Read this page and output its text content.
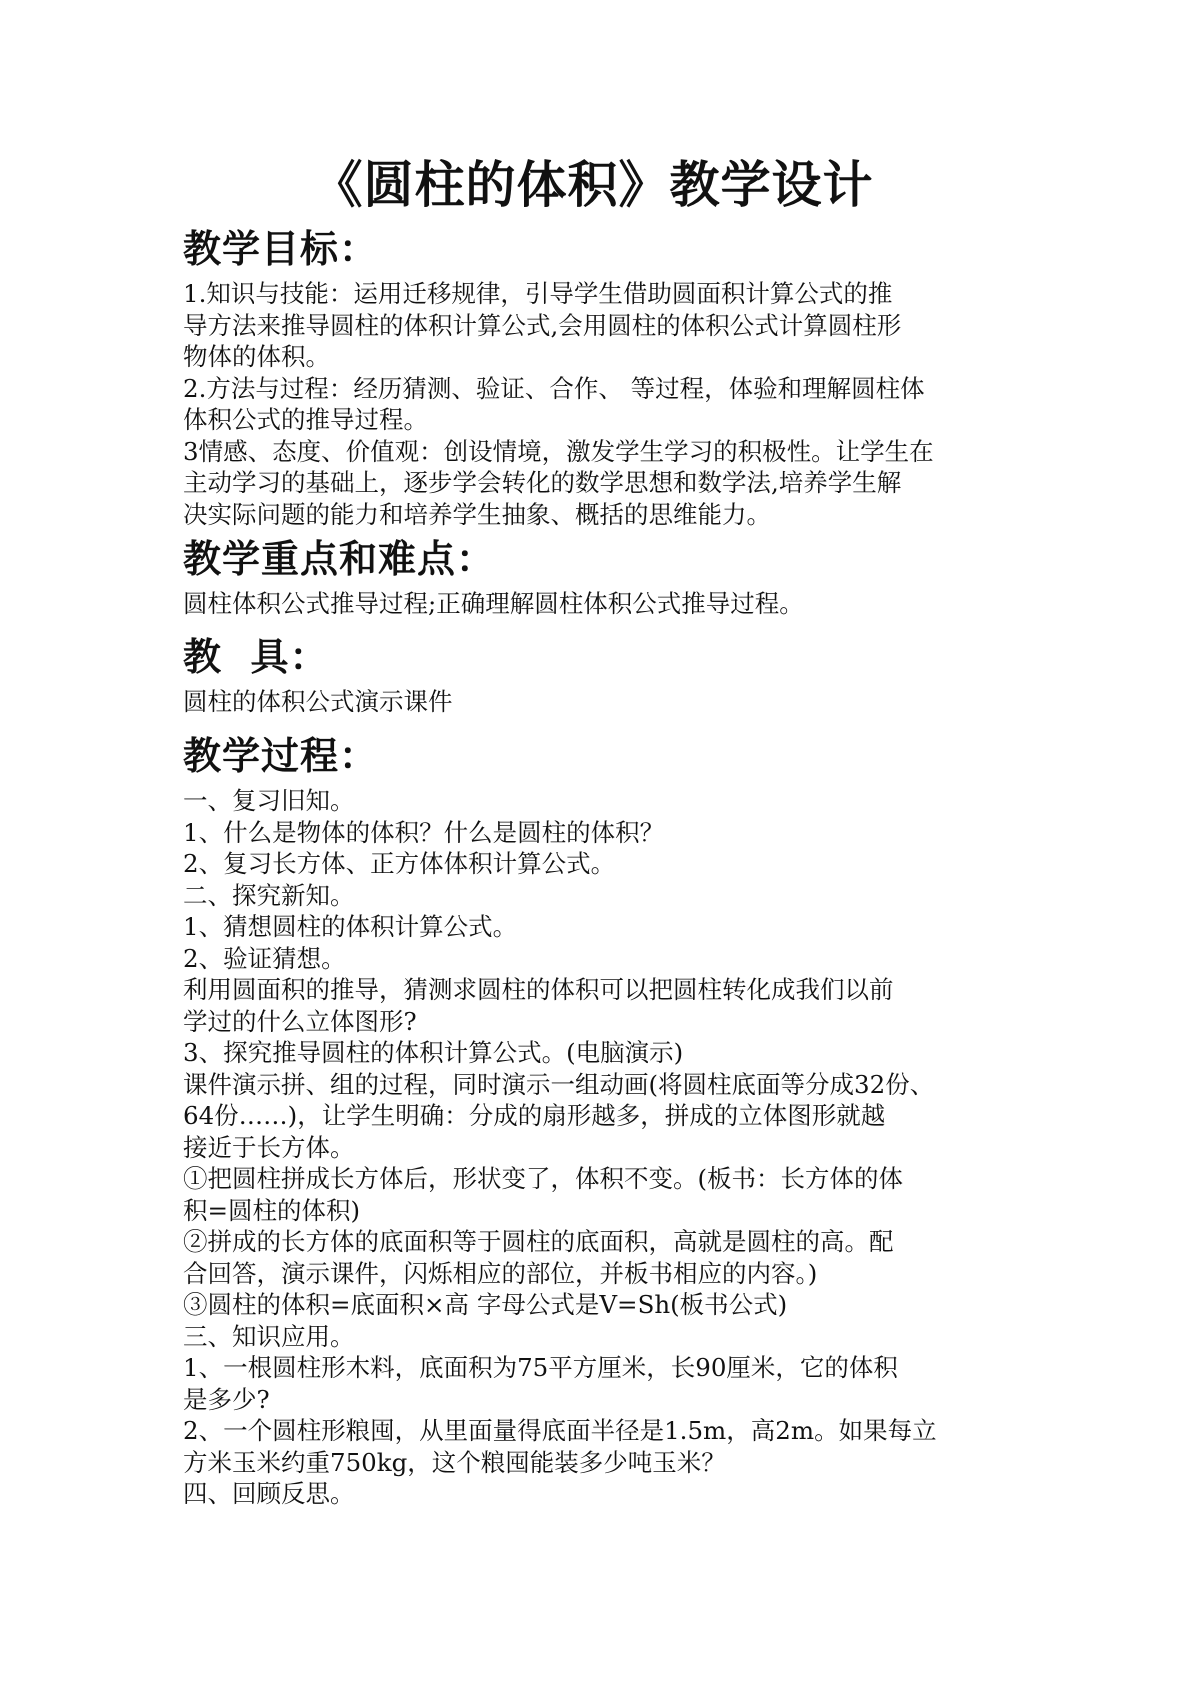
《圆柱的体积》教学设计
教学目标：

1.知识与技能：运用迁移规律，引导学生借助圆面积计算公式的推

导方法来推导圆柱的体积计算公式,会用圆柱的体积公式计算圆柱形

物体的体积。

2.方法与过程：经历猜测、验证、合作、 等过程，体验和理解圆柱体

体积公式的推导过程。

3情感、态度、价值观：创设情境，激发学生学习的积极性。让学生在

主动学习的基础上，逐步学会转化的数学思想和数学法,培养学生解

决实际问题的能力和培养学生抽象、概括的思维能力。

教学重点和难点：

圆柱体积公式推导过程;正确理解圆柱体积公式推导过程。

教  具：

圆柱的体积公式演示课件

教学过程：

一、复习旧知。

1、什么是物体的体积？什么是圆柱的体积？

2、复习长方体、正方体体积计算公式。

二、探究新知。

1、猜想圆柱的体积计算公式。

2、验证猜想。

利用圆面积的推导，猜测求圆柱的体积可以把圆柱转化成我们以前

学过的什么立体图形?

3、探究推导圆柱的体积计算公式。(电脑演示)

课件演示拼、组的过程，同时演示一组动画(将圆柱底面等分成32份、

64份……)，让学生明确：分成的扇形越多，拼成的立体图形就越

接近于长方体。

①把圆柱拼成长方体后，形状变了，体积不变。(板书：长方体的体

积=圆柱的体积)

②拼成的长方体的底面积等于圆柱的底面积，高就是圆柱的高。配

合回答，演示课件，闪烁相应的部位，并板书相应的内容。)

③圆柱的体积=底面积×高 字母公式是V=Sh(板书公式)

三、知识应用。

1、一根圆柱形木料，底面积为75平方厘米，长90厘米，它的体积

是多少?

2、一个圆柱形粮囤，从里面量得底面半径是1.5m，高2m。如果每立

方米玉米约重750kg，这个粮囤能装多少吨玉米？

四、回顾反思。
